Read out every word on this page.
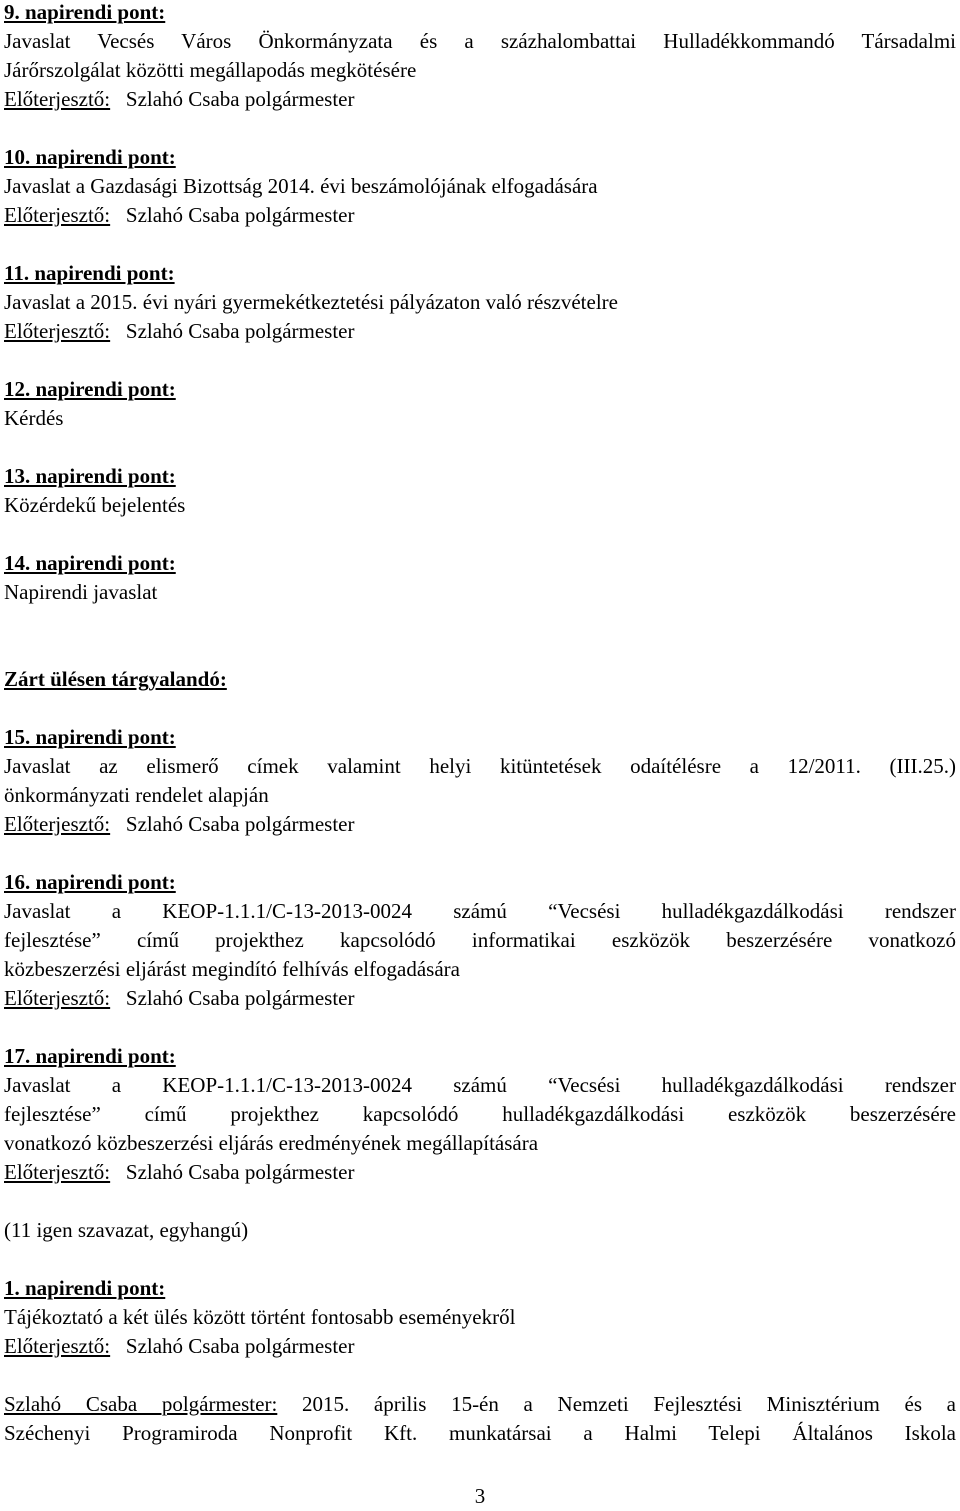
9. napirendi pont:
Javaslat Vecsés Város Önkormányzata és a százhalombattai Hulladékkommandó Társadalmi
Járőrszolgálat közötti megállapodás megkötésére
Előterjesztő: Szlahó Csaba polgármester
10. napirendi pont:
Javaslat a Gazdasági Bizottság 2014. évi beszámolójának elfogadására
Előterjesztő: Szlahó Csaba polgármester
11. napirendi pont:
Javaslat a 2015. évi nyári gyermekétkeztetési pályázaton való részvételre
Előterjesztő: Szlahó Csaba polgármester
12. napirendi pont:
Kérdés
13. napirendi pont:
Közérdekű bejelentés
14. napirendi pont:
Napirendi javaslat
Zárt ülésen tárgyalandó:
15. napirendi pont:
Javaslat az elismerő címek valamint helyi kitüntetések odaítélésre a 12/2011. (III.25.)
önkormányzati rendelet alapján
Előterjesztő: Szlahó Csaba polgármester
16. napirendi pont:
Javaslat a KEOP-1.1.1/C-13-2013-0024 számú “Vecsési hulladékgazdálkodási rendszer
fejlesztése” című projekthez kapcsolódó informatikai eszközök beszerzésére vonatkozó
közbeszerzési eljárást megindító felhívás elfogadására
Előterjesztő: Szlahó Csaba polgármester
17. napirendi pont:
Javaslat a KEOP-1.1.1/C-13-2013-0024 számú “Vecsési hulladékgazdálkodási rendszer
fejlesztése” című projekthez kapcsolódó hulladékgazdálkodási eszközök beszerzésére
vonatkozó közbeszerzési eljárás eredményének megállapítására
Előterjesztő: Szlahó Csaba polgármester
(11 igen szavazat, egyhangú)
1. napirendi pont:
Tájékoztató a két ülés között történt fontosabb eseményekről
Előterjesztő: Szlahó Csaba polgármester
Szlahó Csaba polgármester: 2015. április 15-én a Nemzeti Fejlesztési Minisztérium és a
Széchenyi Programiroda Nonprofit Kft. munkatársai a Halmi Telepi Általános Iskola
3
